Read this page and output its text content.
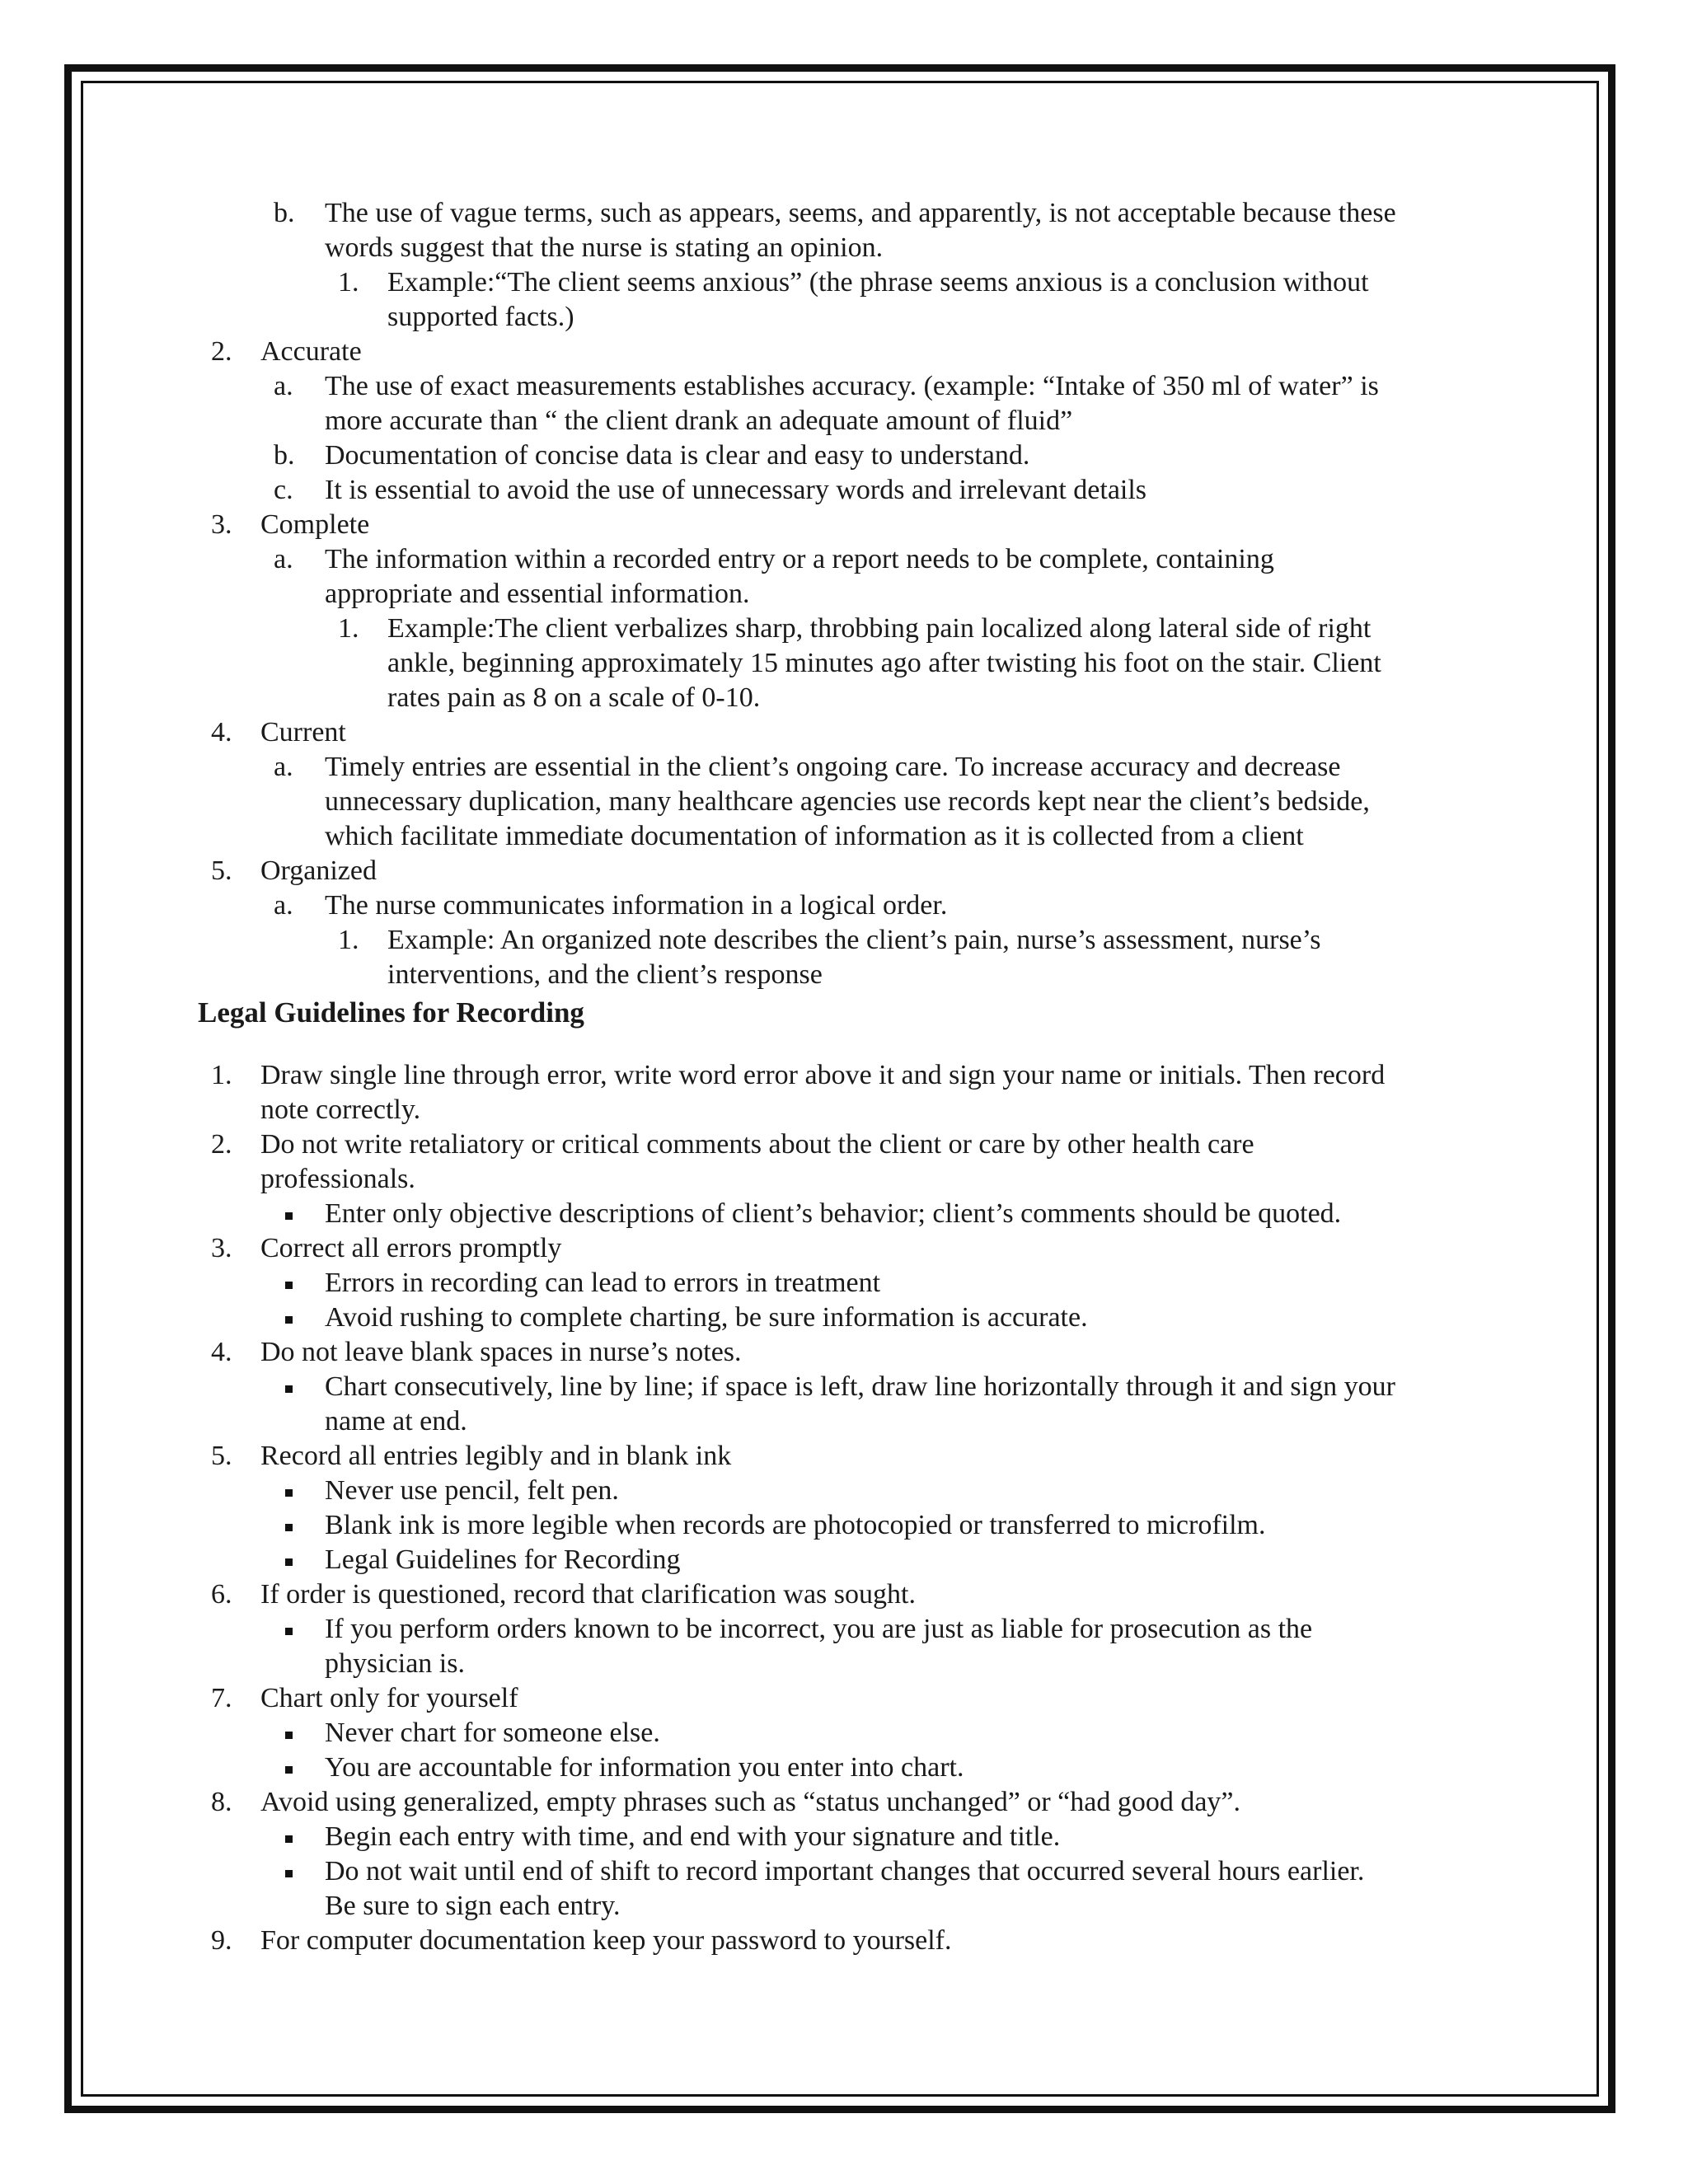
b. The use of vague terms, such as appears, seems, and apparently, is not acceptable because these
words suggest that the nurse is stating an opinion.
1. Example:“The client seems anxious” (the phrase seems anxious is a conclusion without
supported facts.)
2. Accurate
a. The use of exact measurements establishes accuracy. (example: “Intake of 350 ml of water” is
more accurate than “ the client drank an adequate amount of fluid”
b. Documentation of concise data is clear and easy to understand.
c. It is essential to avoid the use of unnecessary words and irrelevant details
3. Complete
a. The information within a recorded entry or a report needs to be complete, containing
appropriate and essential information.
1. Example:The client verbalizes sharp, throbbing pain localized along lateral side of right
ankle, beginning approximately 15 minutes ago after twisting his foot on the stair. Client
rates pain as 8 on a scale of 0-10.
4. Current
a. Timely entries are essential in the client’s ongoing care. To increase accuracy and decrease
unnecessary duplication, many healthcare agencies use records kept near the client’s bedside,
which facilitate immediate documentation of information as it is collected from a client
5. Organized
a. The nurse communicates information in a logical order.
1. Example: An organized note describes the client’s pain, nurse’s assessment, nurse’s
interventions, and the client’s response
Legal Guidelines for Recording
1. Draw single line through error, write word error above it and sign your name or initials. Then record
note correctly.
2. Do not write retaliatory or critical comments about the client or care by other health care
professionals.
Enter only objective descriptions of client’s behavior; client’s comments should be quoted.
3. Correct all errors promptly
Errors in recording can lead to errors in treatment
Avoid rushing to complete charting, be sure information is accurate.
4. Do not leave blank spaces in nurse’s notes.
Chart consecutively, line by line; if space is left, draw line horizontally through it and sign your
name at end.
5. Record all entries legibly and in blank ink
Never use pencil, felt pen.
Blank ink is more legible when records are photocopied or transferred to microfilm.
Legal Guidelines for Recording
6. If order is questioned, record that clarification was sought.
If you perform orders known to be incorrect, you are just as liable for prosecution as the
physician is.
7. Chart only for yourself
Never chart for someone else.
You are accountable for information you enter into chart.
8. Avoid using generalized, empty phrases such as “status unchanged” or “had good day”.
Begin each entry with time, and end with your signature and title.
Do not wait until end of shift to record important changes that occurred several hours earlier.
Be sure to sign each entry.
9. For computer documentation keep your password to yourself.
